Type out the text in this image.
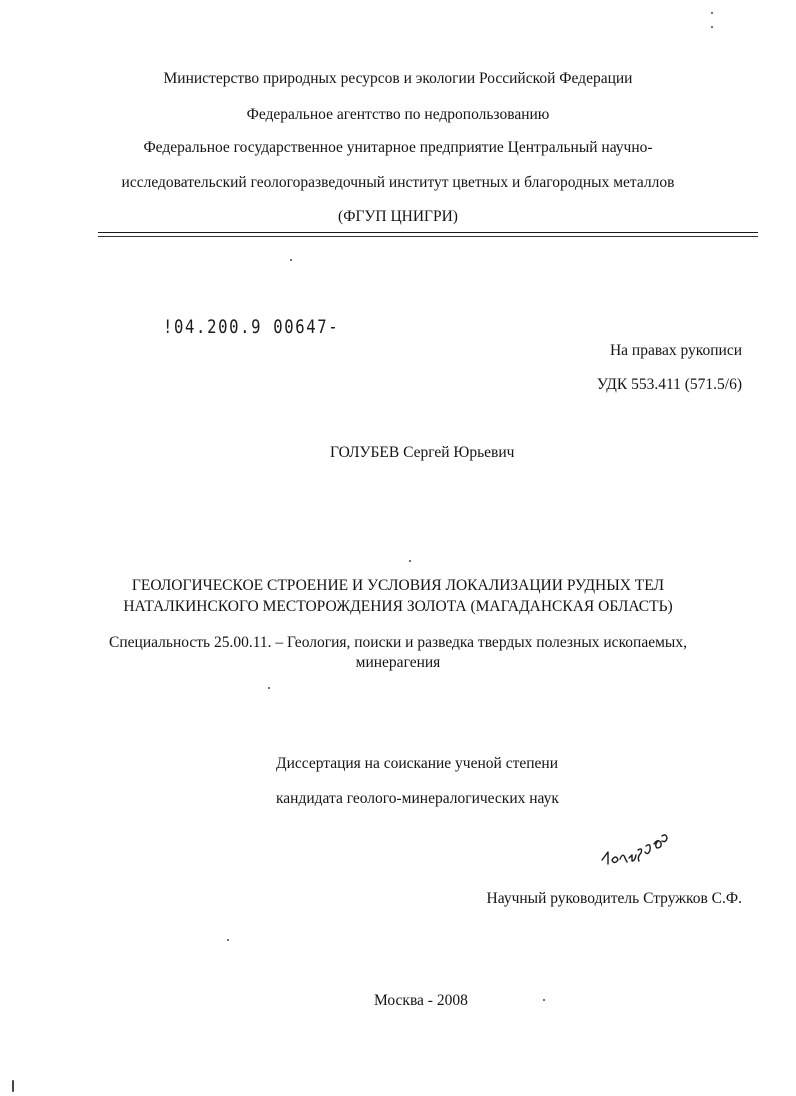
Министерство природных ресурсов и экологии Российской Федерации
Федеральное агентство по недропользованию
Федеральное государственное унитарное предприятие Центральный научно-
исследовательский геологоразведочный институт цветных и благородных металлов
(ФГУП ЦНИГРИ)
!04.200.9 00647-
На правах рукописи
УДК 553.411 (571.5/6)
ГОЛУБЕВ Сергей Юрьевич
ГЕОЛОГИЧЕСКОЕ СТРОЕНИЕ И УСЛОВИЯ ЛОКАЛИЗАЦИИ РУДНЫХ ТЕЛ
НАТАЛКИНСКОГО МЕСТОРОЖДЕНИЯ ЗОЛОТА (МАГАДАНСКАЯ ОБЛАСТЬ)
Специальность 25.00.11. – Геология, поиски и разведка твердых полезных ископаемых,
минерагения
Диссертация на соискание ученой степени
кандидата геолого-минералогических наук
Научный руководитель Стружков С.Ф.
Москва - 2008
